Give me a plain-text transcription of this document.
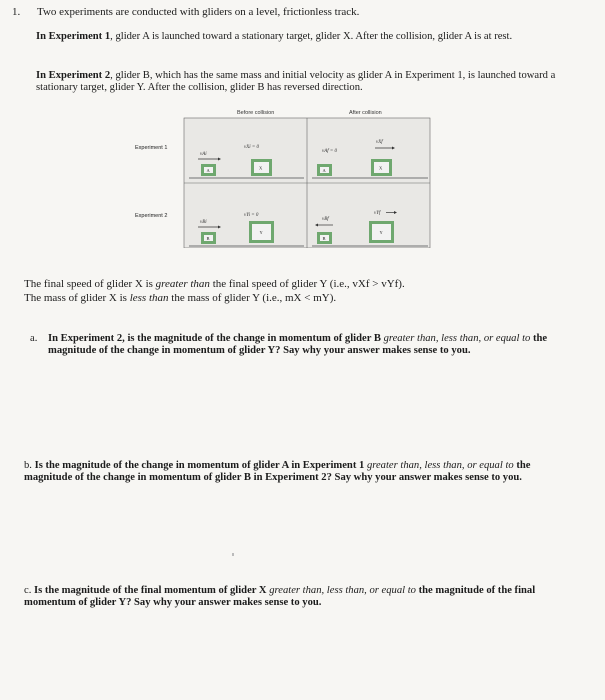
1. Two experiments are conducted with gliders on a level, frictionless track.

In Experiment 1, glider A is launched toward a stationary target, glider X. After the collision, glider A is at rest.

In Experiment 2, glider B, which has the same mass and initial velocity as glider A in Experiment 1, is launched toward a stationary target, glider Y. After the collision, glider B has reversed direction.

Before collision	After collision
Experiment 1
Experiment 2
vAi
A
vXi = 0
X
vAf = 0
A
vXf
X
vBi
B
vYi = 0
Y
vBf
B
vYf
Y

The final speed of glider X is greater than the final speed of glider Y (i.e., vXf > vYf).

The mass of glider X is less than the mass of glider Y (i.e., mX < mY).

a. In Experiment 2, is the magnitude of the change in momentum of glider B greater than, less than, or equal to the magnitude of the change in momentum of glider Y? Say why your answer makes sense to you.

b. Is the magnitude of the change in momentum of glider A in Experiment 1 greater than, less than, or equal to the magnitude of the change in momentum of glider B in Experiment 2? Say why your answer makes sense to you.

c. Is the magnitude of the final momentum of glider X greater than, less than, or equal to the magnitude of the final momentum of glider Y? Say why your answer makes sense to you.
